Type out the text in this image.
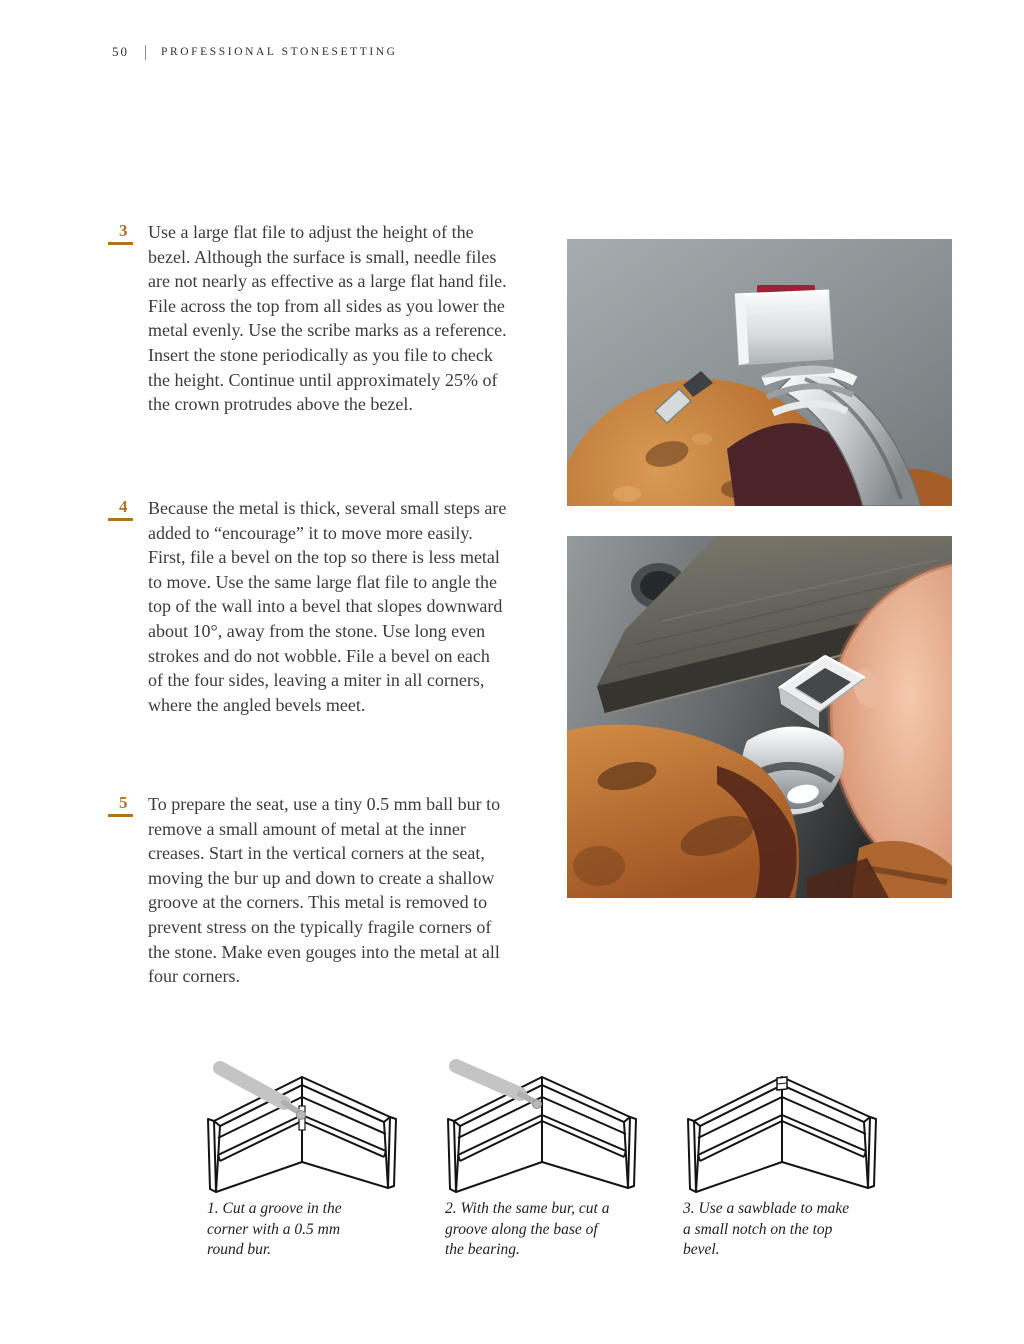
50	PROFESSIONAL STONESETTING
3 Use a large flat file to adjust the height of the bezel. Although the surface is small, needle files are not nearly as effective as a large flat hand file. File across the top from all sides as you lower the metal evenly. Use the scribe marks as a reference. Insert the stone periodically as you file to check the height. Continue until approximately 25% of the crown protrudes above the bezel.

4 Because the metal is thick, several small steps are added to “encourage” it to move more easily. First, file a bevel on the top so there is less metal to move. Use the same large flat file to angle the top of the wall into a bevel that slopes downward about 10°, away from the stone. Use long even strokes and do not wobble. File a bevel on each of the four sides, leaving a miter in all corners, where the angled bevels meet.

5 To prepare the seat, use a tiny 0.5 mm ball bur to remove a small amount of metal at the inner creases. Start in the vertical corners at the seat, moving the bur up and down to create a shallow groove at the corners. This metal is removed to prevent stress on the typically fragile corners of the stone. Make even gouges into the metal at all four corners.

1. Cut a groove in the corner with a 0.5 mm round bur.
2. With the same bur, cut a groove along the base of the bearing.
3. Use a sawblade to make a small notch on the top bevel.
